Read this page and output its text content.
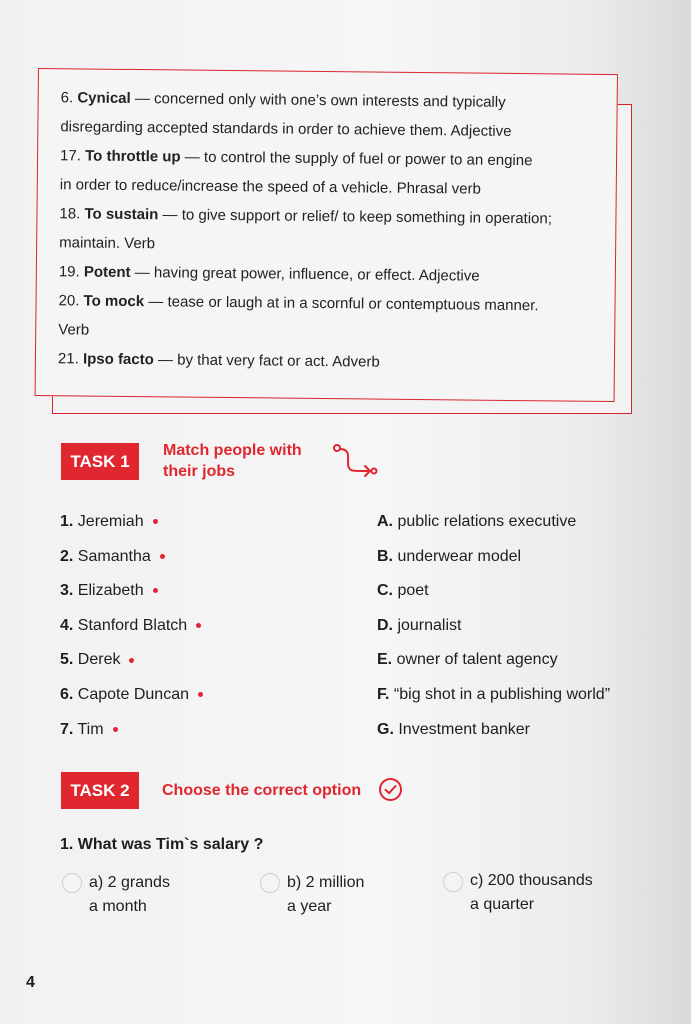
6. Cynical — concerned only with one’s own interests and typically
disregarding accepted standards in order to achieve them. Adjective

17. To throttle up — to control the supply of fuel or power to an engine
in order to reduce/increase the speed of a vehicle. Phrasal verb

18. To sustain — to give support or relief/ to keep something in operation;
maintain. Verb

19. Potent — having great power, influence, or effect. Adjective

20. To mock — tease or laugh at in a scornful or contemptuous manner.
Verb

21. Ipso facto — by that very fact or act. Adverb

TASK 1
Match people with
their jobs
1. Jeremiah
2. Samantha
3. Elizabeth
4. Stanford Blatch
5. Derek
6. Capote Duncan
7. Tim
A. public relations executive
B. underwear model
C. poet
D. journalist
E. owner of talent agency
F. “big shot in a publishing world”
G. Investment banker
TASK 2	Choose the correct option
1. What was Tim`s salary ?
a) 2 grands
a month
b) 2 million
a year
c) 200 thousands
a quarter
4
